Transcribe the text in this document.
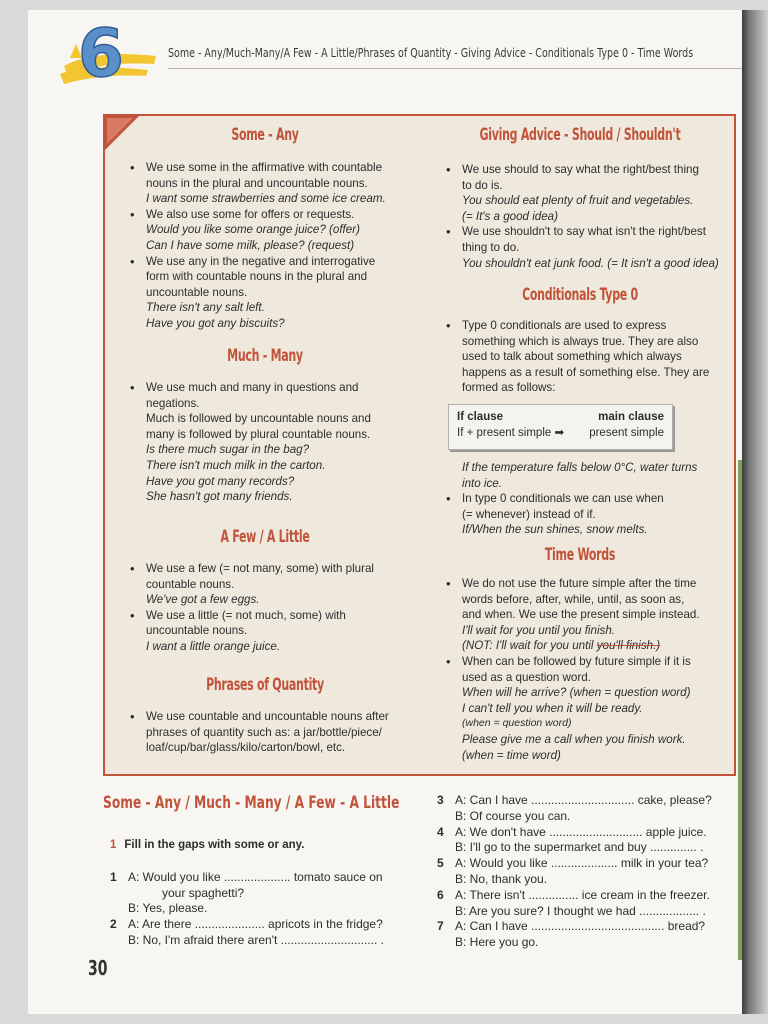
6	Some - Any/Much-Many/A Few - A Little/Phrases of Quantity - Giving Advice - Conditionals Type 0 - Time Words
Some - Any

• We use some in the affirmative with countable

nouns in the plural and uncountable nouns.

I want some strawberries and some ice cream.

• We also use some for offers or requests.

Would you like some orange juice? (offer)

Can I have some milk, please? (request)

• We use any in the negative and interrogative

form with countable nouns in the plural and

uncountable nouns.

There isn't any salt left.

Have you got any biscuits?

Much - Many

• We use much and many in questions and

negations.

Much is followed by uncountable nouns and

many is followed by plural countable nouns.

Is there much sugar in the bag?

There isn't much milk in the carton.

Have you got many records?

She hasn't got many friends.

A Few / A Little

• We use a few (= not many, some) with plural

countable nouns.

We've got a few eggs.

• We use a little (= not much, some) with

uncountable nouns.

I want a little orange juice.

Phrases of Quantity

• We use countable and uncountable nouns after

phrases of quantity such as: a jar/bottle/piece/

loaf/cup/bar/glass/kilo/carton/bowl, etc.

Giving Advice - Should / Shouldn't

• We use should to say what the right/best thing

to do is.

You should eat plenty of fruit and vegetables.

(= It's a good idea)

• We use shouldn't to say what isn't the right/best

thing to do.

You shouldn't eat junk food. (= It isn't a good idea)

Conditionals Type 0

• Type 0 conditionals are used to express

something which is always true. They are also

used to talk about something which always

happens as a result of something else. They are

formed as follows:

If clause	main clause
If + present simple ➡ present simple

If the temperature falls below 0°C, water turns

into ice.

• In type 0 conditionals we can use when

(= whenever) instead of if.

If/When the sun shines, snow melts.

Time Words

• We do not use the future simple after the time

words before, after, while, until, as soon as,

and when. We use the present simple instead.

I'll wait for you until you finish.

(NOT: I'll wait for you until you'll finish.)

• When can be followed by future simple if it is

used as a question word.

When will he arrive? (when = question word)

I can't tell you when it will be ready.

(when = question word)

Please give me a call when you finish work.

(when = time word)

Some - Any / Much - Many / A Few - A Little

1 Fill in the gaps with some or any.

1 A: Would you like .................... tomato sauce on

your spaghetti?

B: Yes, please.

2 A: Are there ..................... apricots in the fridge?

B: No, I'm afraid there aren't ............................. .

3 A: Can I have ............................... cake, please?

B: Of course you can.

4 A: We don't have ............................ apple juice.

B: I'll go to the supermarket and buy .............. .

5 A: Would you like .................... milk in your tea?

B: No, thank you.

6 A: There isn't ............... ice cream in the freezer.

B: Are you sure? I thought we had .................. .

7 A: Can I have ........................................ bread?

B: Here you go.

30
